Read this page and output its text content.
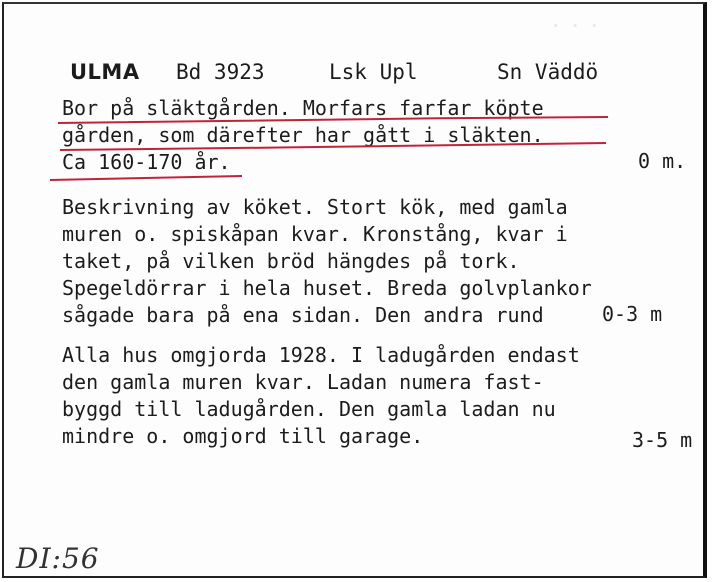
· · ·
ULMA Bd 3923	Lsk Upl	Sn Väddö
Bor på släktgården. Morfars farfar köpte
gården, som därefter har gått i släkten.
Ca 160-170 år.	0 m.
Beskrivning av köket. Stort kök, med gamla
muren o. spiskåpan kvar. Kronstång, kvar i
taket, på vilken bröd hängdes på tork.
Spegeldörrar i hela huset. Breda golvplankor
sågade bara på ena sidan. Den andra rund	0-3 m
Alla hus omgjorda 1928. I ladugården endast
den gamla muren kvar. Ladan numera fast-
byggd till ladugården. Den gamla ladan nu
mindre o. omgjord till garage.	3-5 m
DI:56
